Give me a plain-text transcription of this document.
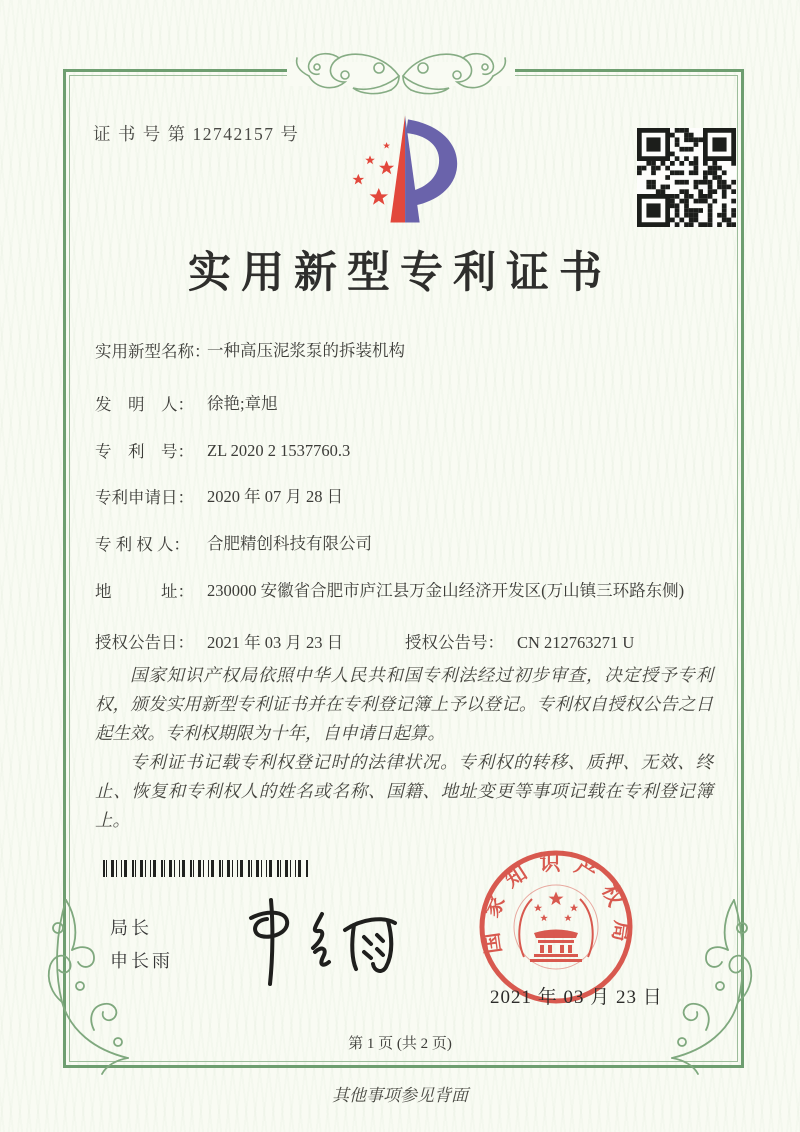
证 书 号 第 12742157 号
实用新型专利证书
实用新型名称：一种高压泥浆泵的拆装机构
发　明　人： 徐艳;章旭
专　利　号： ZL 2020 2 1537760.3
专利申请日： 2020 年 07 月 28 日
专 利 权 人： 合肥精创科技有限公司
地　　　址： 230000 安徽省合肥市庐江县万金山经济开发区(万山镇三环路东侧)
授权公告日： 2021 年 03 月 23 日	授权公告号： CN 212763271 U

国家知识产权局依照中华人民共和国专利法经过初步审查，决定授予专利权，颁发实用新型专利证书并在专利登记簿上予以登记。专利权自授权公告之日起生效。专利权期限为十年，自申请日起算。

专利证书记载专利权登记时的法律状况。专利权的转移、质押、无效、终止、恢复和专利权人的姓名或名称、国籍、地址变更等事项记载在专利登记簿上。

局长
申长雨
国家知识产权局
2021 年 03 月 23 日
第 1 页 (共 2 页)
其他事项参见背面
